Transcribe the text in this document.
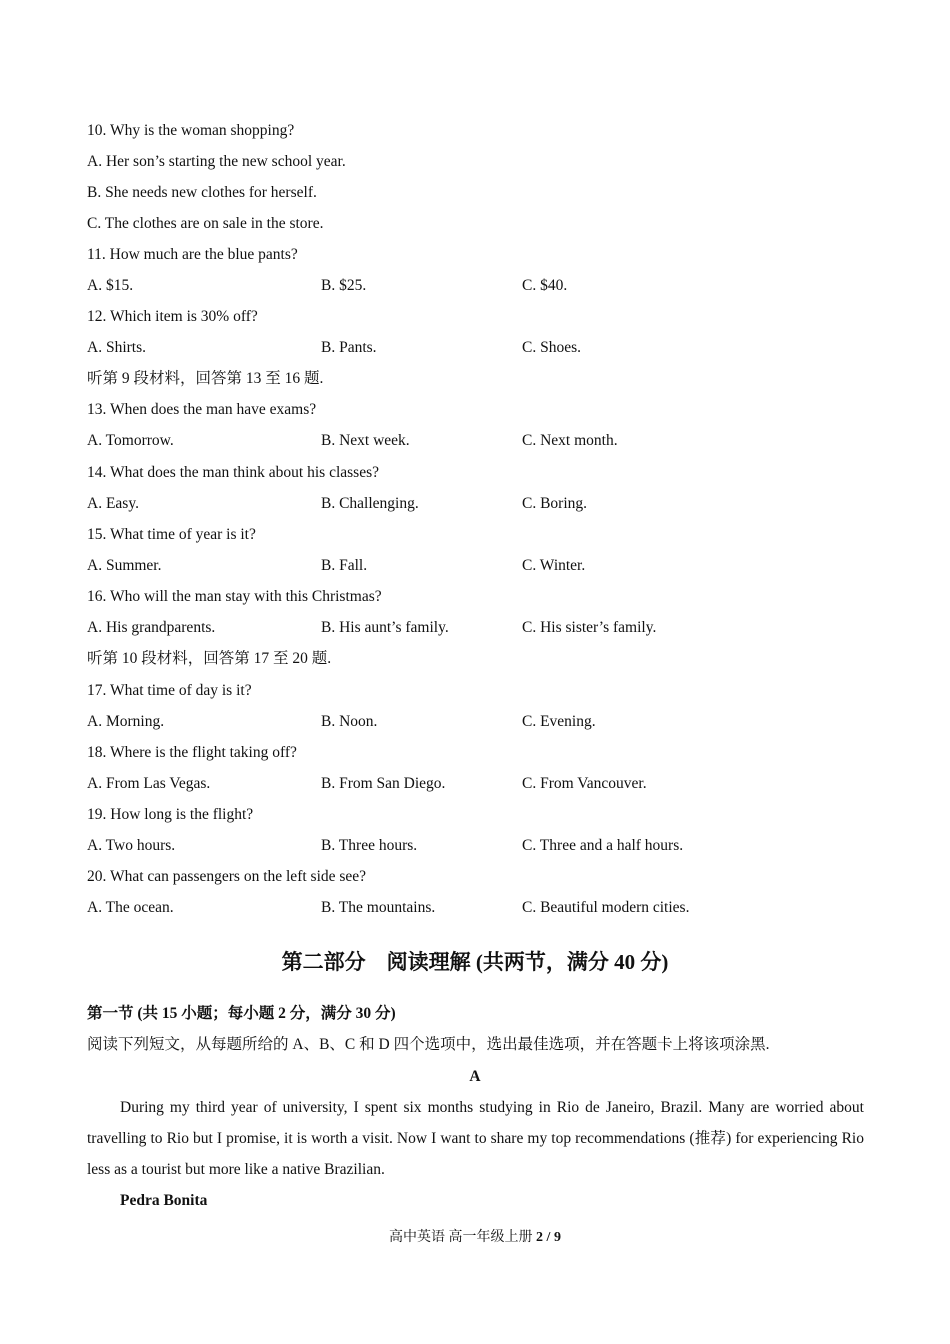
10. Why is the woman shopping?
A. Her son’s starting the new school year.
B. She needs new clothes for herself.
C. The clothes are on sale in the store.
11. How much are the blue pants?
A. $15.	B. $25.	C. $40.
12. Which item is 30% off?
A. Shirts.	B. Pants.	C. Shoes.
听第 9 段材料，回答第 13 至 16 题.
13. When does the man have exams?
A. Tomorrow.	B. Next week.	C. Next month.
14. What does the man think about his classes?
A. Easy.	B. Challenging.	C. Boring.
15. What time of year is it?
A. Summer.	B. Fall.	C. Winter.
16. Who will the man stay with this Christmas?
A. His grandparents.	B. His aunt’s family.	C. His sister’s family.
听第 10 段材料，回答第 17 至 20 题.
17. What time of day is it?
A. Morning.	B. Noon.	C. Evening.
18. Where is the flight taking off?
A. From Las Vegas.	B. From San Diego.	C. From Vancouver.
19. How long is the flight?
A. Two hours.	B. Three hours.	C. Three and a half hours.
20. What can passengers on the left side see?
A. The ocean.	B. The mountains.	C. Beautiful modern cities.
第二部分　阅读理解 (共两节，满分 40 分)
第一节 (共 15 小题；每小题 2 分，满分 30 分)
阅读下列短文，从每题所给的 A、B、C 和 D 四个选项中，选出最佳选项，并在答题卡上将该项涂黑.
A
During my third year of university, I spent six months studying in Rio de Janeiro, Brazil. Many are worried about travelling to Rio but I promise, it is worth a visit. Now I want to share my top recommendations (推荐) for experiencing Rio less as a tourist but more like a native Brazilian.
Pedra Bonita
高中英语 高一年级上册 2 / 9
